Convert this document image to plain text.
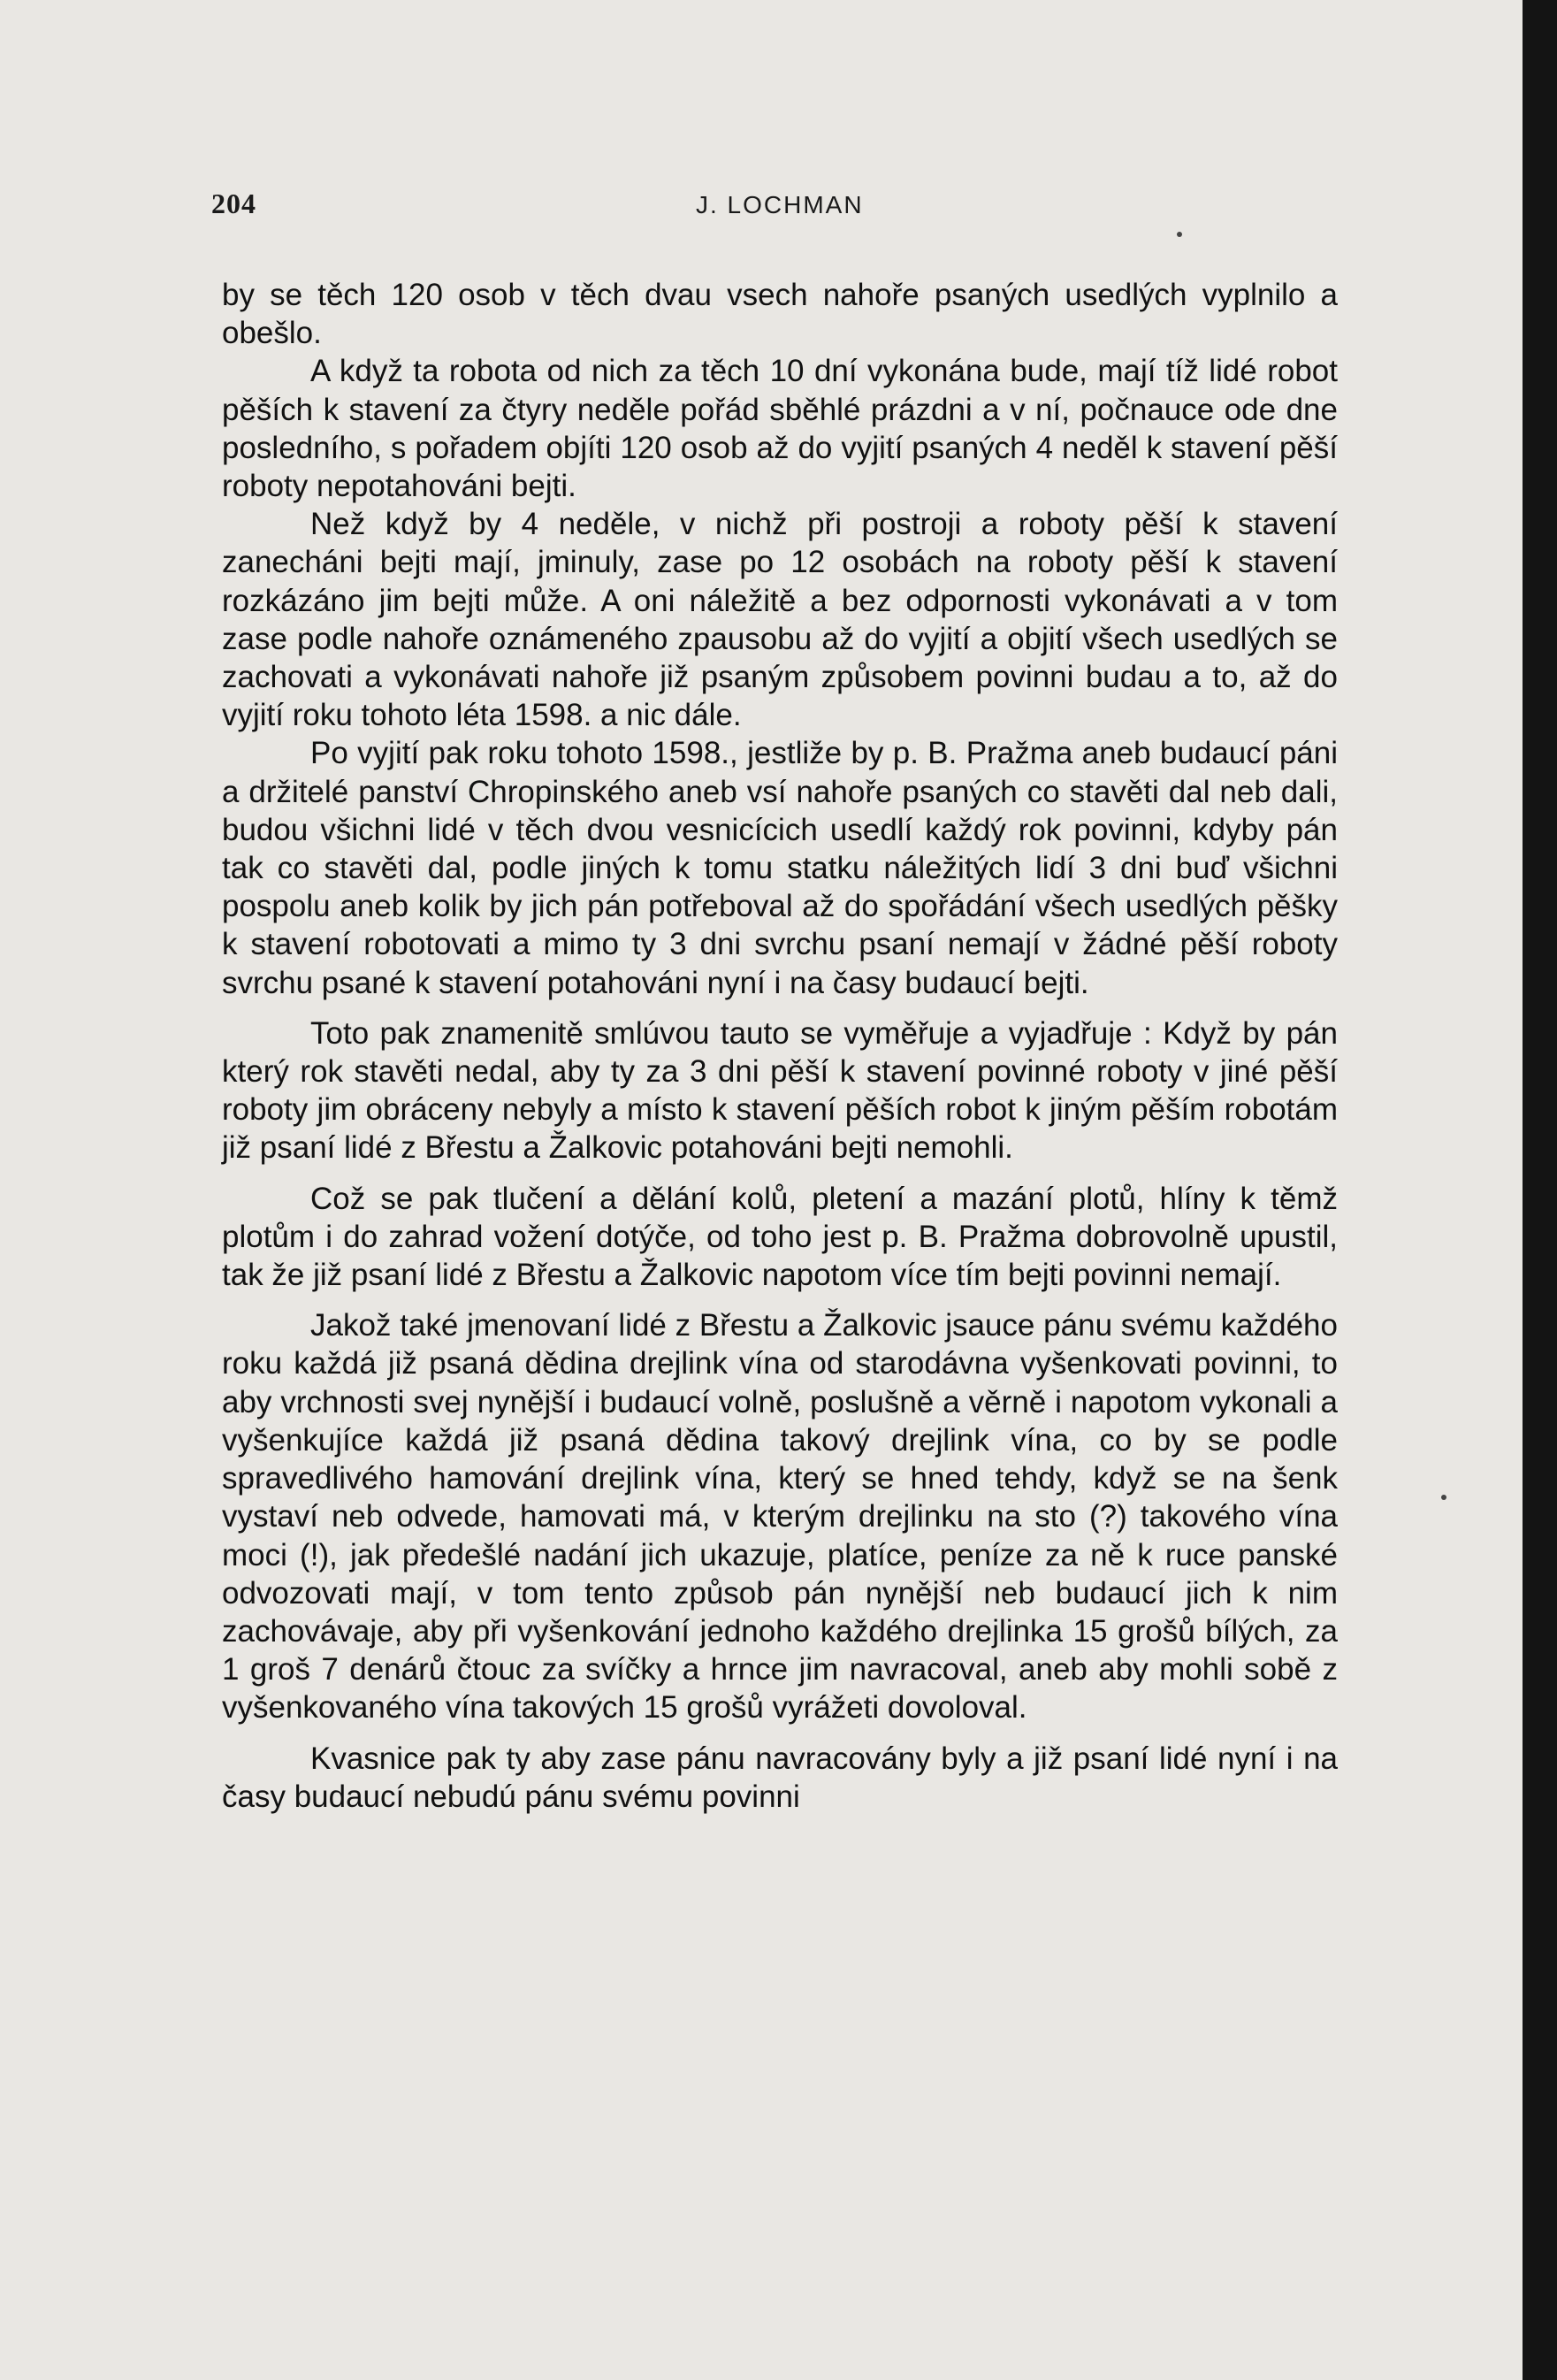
204	J. LOCHMAN

by se těch 120 osob v těch dvau vsech nahoře psaných usedlých vyplnilo a obešlo.

A když ta robota od nich za těch 10 dní vykonána bude, mají tíž lidé robot pěších k stavení za čtyry neděle pořád sběhlé prázdni a v ní, počnauce ode dne posledního, s pořadem objíti 120 osob až do vyjití psaných 4 neděl k stavení pěší roboty nepotahováni bejti.

Než když by 4 neděle, v nichž při postroji a roboty pěší k stavení zanecháni bejti mají, jminuly, zase po 12 osobách na roboty pěší k stavení rozkázáno jim bejti může. A oni náležitě a bez odpornosti vykonávati a v tom zase podle nahoře oznámeného zpausobu až do vyjití a objití všech usedlých se zachovati a vykonávati nahoře již psaným způsobem povinni budau a to, až do vyjití roku tohoto léta 1598. a nic dále.

Po vyjití pak roku tohoto 1598., jestliže by p. B. Pražma aneb budaucí páni a držitelé panství Chropinského aneb vsí nahoře psaných co stavěti dal neb dali, budou všichni lidé v těch dvou vesnicícich usedlí každý rok povinni, kdyby pán tak co stavěti dal, podle jiných k tomu statku náležitých lidí 3 dni buď všichni pospolu aneb kolik by jich pán potřeboval až do spořádání všech usedlých pěšky k stavení robotovati a mimo ty 3 dni svrchu psaní nemají v žádné pěší roboty svrchu psané k stavení potahováni nyní i na časy budaucí bejti.

Toto pak znamenitě smlúvou tauto se vyměřuje a vyjadřuje : Když by pán který rok stavěti nedal, aby ty za 3 dni pěší k stavení povinné roboty v jiné pěší roboty jim obráceny nebyly a místo k stavení pěších robot k jiným pěším robotám již psaní lidé z Břestu a Žalkovic potahováni bejti nemohli.

Což se pak tlučení a dělání kolů, pletení a mazání plotů, hlíny k těmž plotům i do zahrad vožení dotýče, od toho jest p. B. Pražma dobrovolně upustil, tak že již psaní lidé z Břestu a Žalkovic napotom více tím bejti povinni nemají.

Jakož také jmenovaní lidé z Břestu a Žalkovic jsauce pánu svému každého roku každá již psaná dědina drejlink vína od starodávna vyšenkovati povinni, to aby vrchnosti svej nynější i budaucí volně, poslušně a věrně i napotom vykonali a vyšenkujíce každá již psaná dědina takový drejlink vína, co by se podle spravedlivého hamování drejlink vína, který se hned tehdy, když se na šenk vystaví neb odvede, hamovati má, v kterým drejlinku na sto (?) takového vína moci (!), jak předešlé nadání jich ukazuje, platíce, peníze za ně k ruce panské odvozovati mají, v tom tento způsob pán nynější neb budaucí jich k nim zachovávaje, aby při vyšenkování jednoho každého drejlinka 15 grošů bílých, za 1 groš 7 denárů čtouc za svíčky a hrnce jim navracoval, aneb aby mohli sobě z vyšenkovaného vína takových 15 grošů vyrážeti dovoloval.

Kvasnice pak ty aby zase pánu navracovány byly a již psaní lidé nyní i na časy budaucí nebudú pánu svému povinni
